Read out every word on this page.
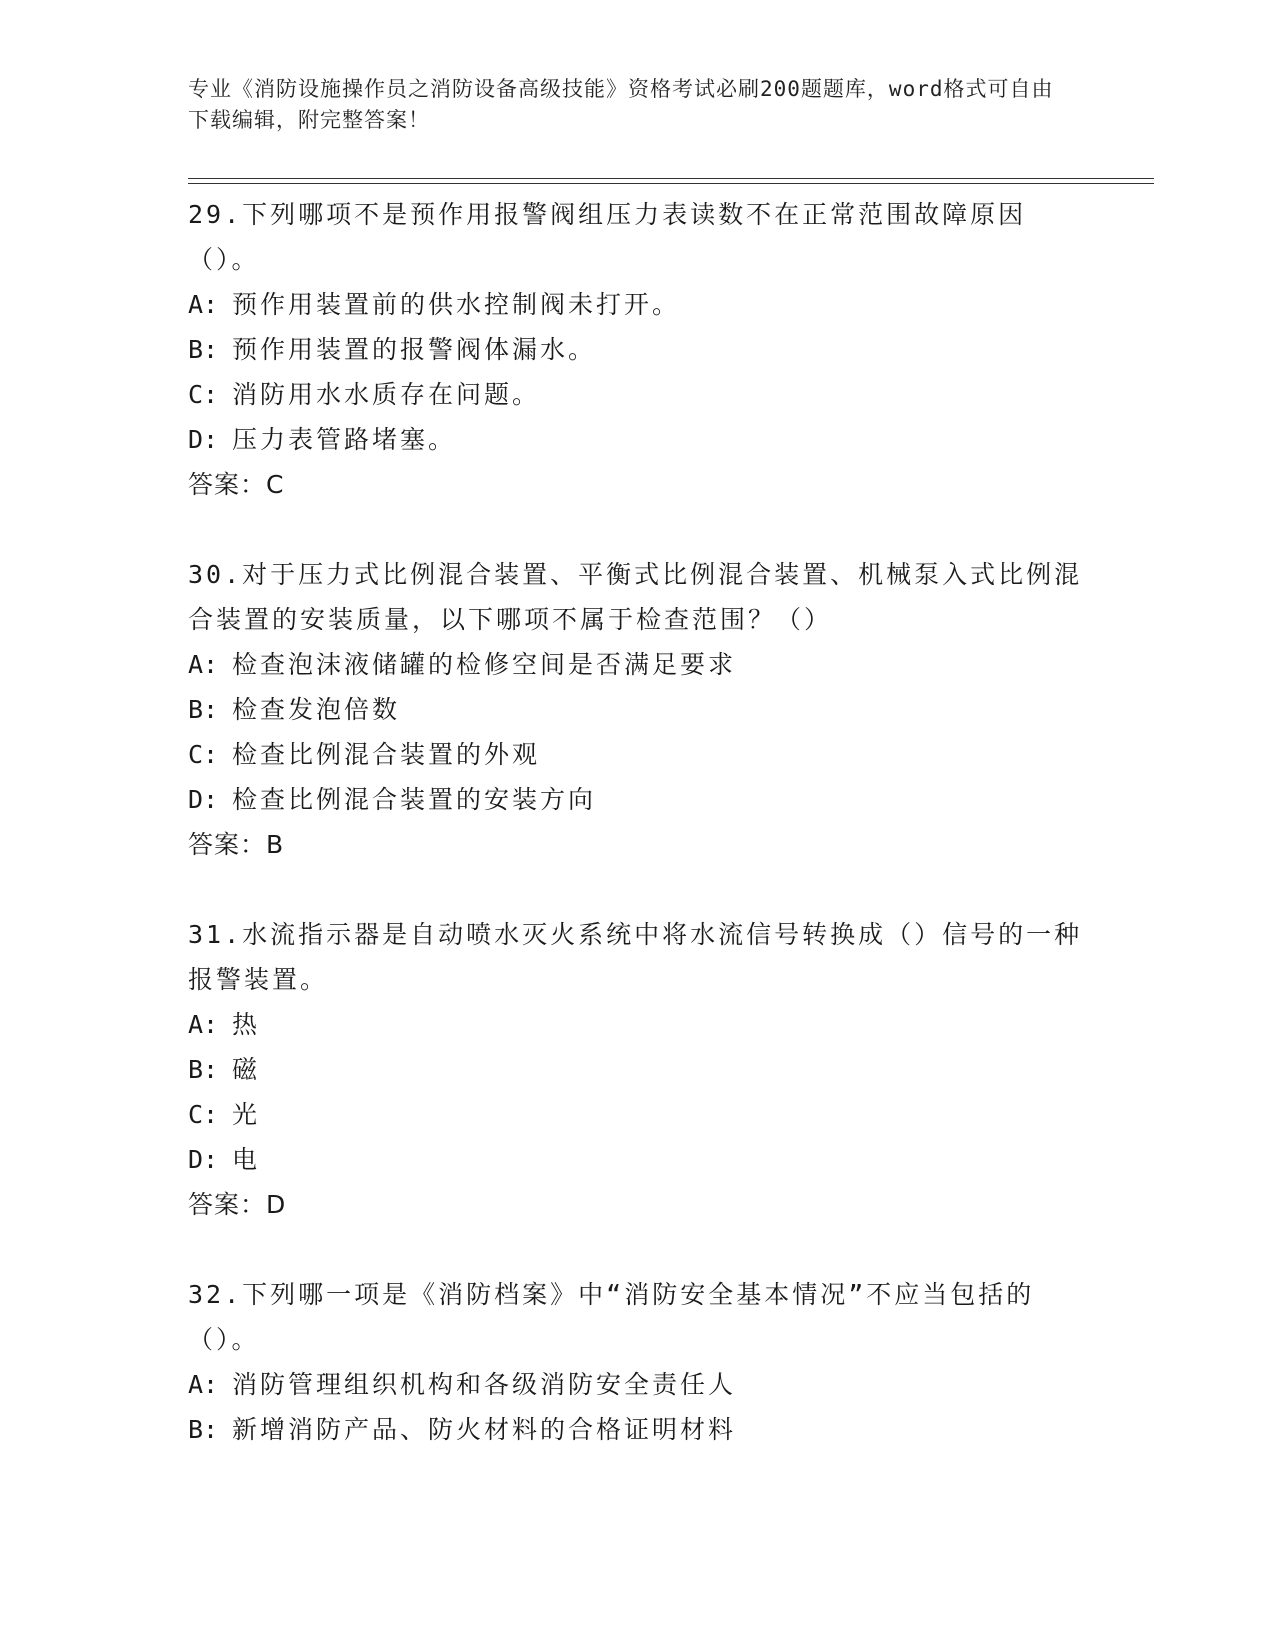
专业《消防设施操作员之消防设备高级技能》资格考试必刷200题题库，word格式可自由下载编辑，附完整答案！

29.下列哪项不是预作用报警阀组压力表读数不在正常范围故障原因（）。

A: 预作用装置前的供水控制阀未打开。

B: 预作用装置的报警阀体漏水。

C: 消防用水水质存在问题。

D: 压力表管路堵塞。

答案：C

30.对于压力式比例混合装置、平衡式比例混合装置、机械泵入式比例混合装置的安装质量，以下哪项不属于检查范围？（）

A: 检查泡沫液储罐的检修空间是否满足要求

B: 检查发泡倍数

C: 检查比例混合装置的外观

D: 检查比例混合装置的安装方向

答案：B

31.水流指示器是自动喷水灭火系统中将水流信号转换成（）信号的一种报警装置。

A: 热

B: 磁

C: 光

D: 电

答案：D

32.下列哪一项是《消防档案》中“消防安全基本情况”不应当包括的（）。

A: 消防管理组织机构和各级消防安全责任人

B: 新增消防产品、防火材料的合格证明材料
